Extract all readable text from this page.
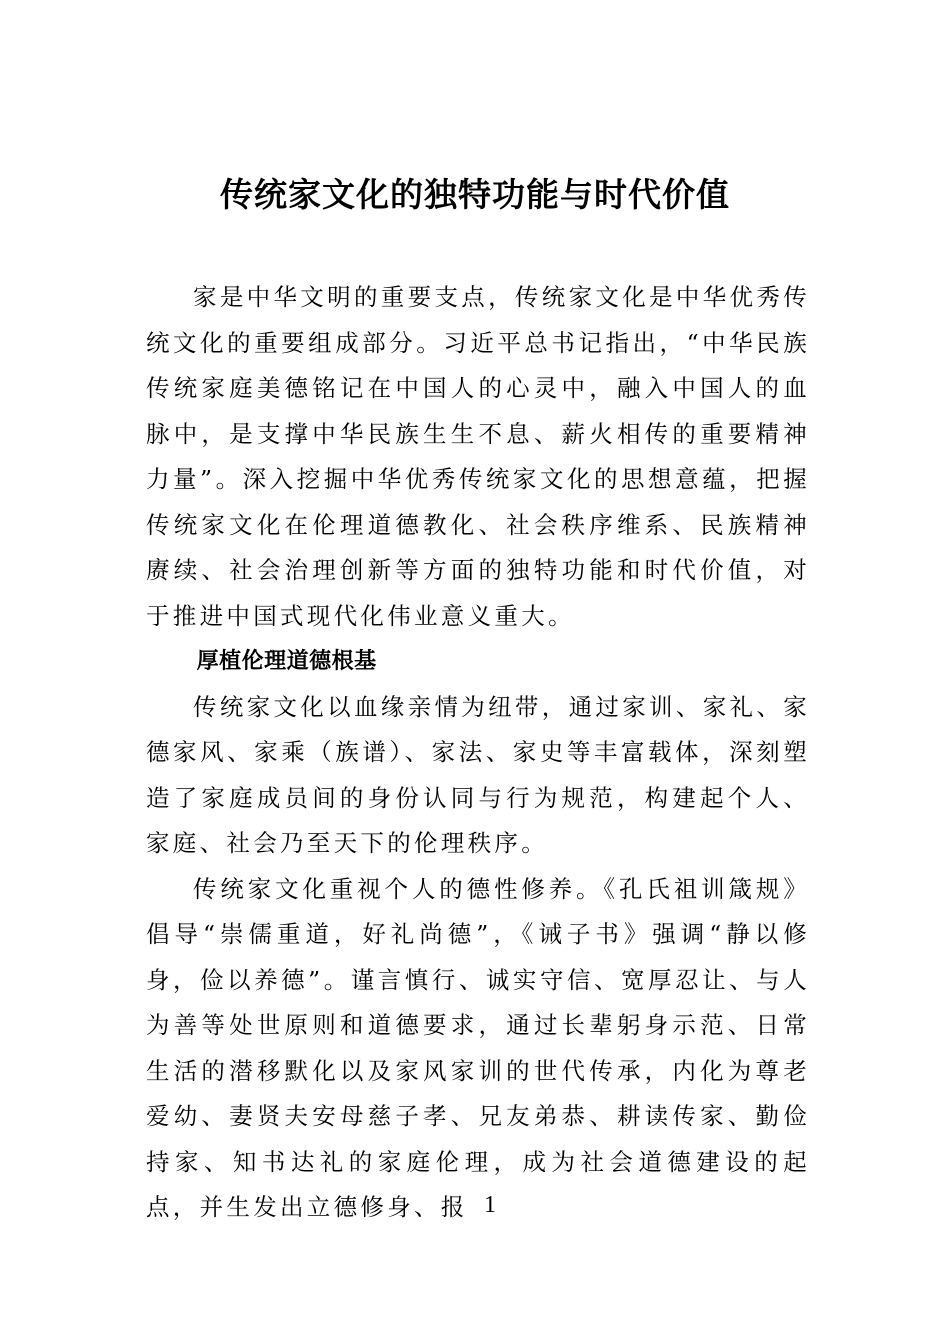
传统家文化的独特功能与时代价值

家是中华文明的重要支点，传统家文化是中华优秀传统文化的重要组成部分。习近平总书记指出，“中华民族传统家庭美德铭记在中国人的心灵中，融入中国人的血脉中，是支撑中华民族生生不息、薪火相传的重要精神力量”。深入挖掘中华优秀传统家文化的思想意蕴，把握传统家文化在伦理道德教化、社会秩序维系、民族精神赓续、社会治理创新等方面的独特功能和时代价值，对于推进中国式现代化伟业意义重大。

厚植伦理道德根基

传统家文化以血缘亲情为纽带，通过家训、家礼、家德家风、家乘（族谱）、家法、家史等丰富载体，深刻塑造了家庭成员间的身份认同与行为规范，构建起个人、家庭、社会乃至天下的伦理秩序。

传统家文化重视个人的德性修养。《孔氏祖训箴规》倡导“崇儒重道，好礼尚德”，《诫子书》强调“静以修身，俭以养德”。谨言慎行、诚实守信、宽厚忍让、与人为善等处世原则和道德要求，通过长辈躬身示范、日常生活的潜移默化以及家风家训的世代传承，内化为尊老爱幼、妻贤夫安母慈子孝、兄友弟恭、耕读传家、勤俭持家、知书达礼的家庭伦理，成为社会道德建设的起点，并生发出立德修身、报 1
